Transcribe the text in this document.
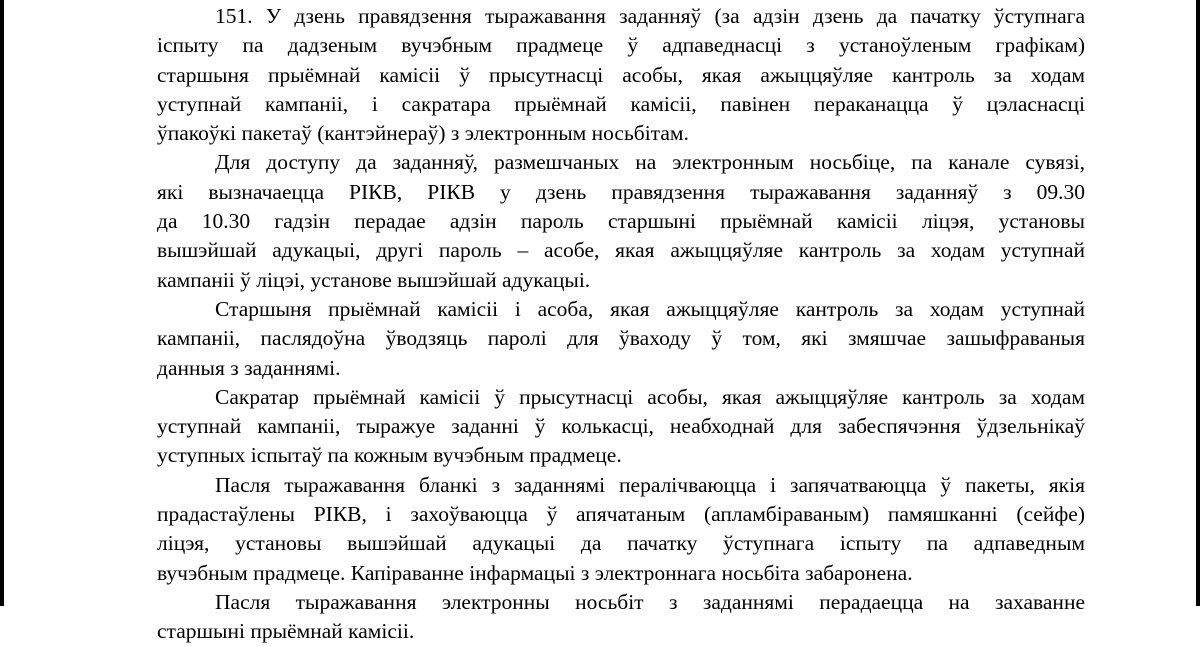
151. У дзень правядзення тыражавання заданняў (за адзін дзень да пачатку ўступнага
іспыту па дадзеным вучэбным прадмеце ў адпаведнасці з устаноўленым графікам)
старшыня прыёмнай камісіі ў прысутнасці асобы, якая ажыццяўляе кантроль за ходам
уступнай кампаніі, і сакратара прыёмнай камісіі, павінен пераканацца ў цэласнасці
ўпакоўкі пакетаў (кантэйнераў) з электронным носьбітам.
Для доступу да заданняў, размешчаных на электронным носьбіце, па канале сувязі,
які вызначаецца РІКВ, РІКВ у дзень правядзення тыражавання заданняў з 09.30
да 10.30 гадзін перадае адзін пароль старшыні прыёмнай камісіі ліцэя, установы
вышэйшай адукацыі, другі пароль – асобе, якая ажыццяўляе кантроль за ходам уступнай
кампаніі ў ліцэі, установе вышэйшай адукацыі.
Старшыня прыёмнай камісіі і асоба, якая ажыццяўляе кантроль за ходам уступнай
кампаніі, паслядоўна ўводзяць паролі для ўваходу ў том, які змяшчае зашыфраваныя
данныя з заданнямі.
Сакратар прыёмнай камісіі ў прысутнасці асобы, якая ажыццяўляе кантроль за ходам
уступнай кампаніі, тыражуе заданні ў колькасці, неабходнай для забеспячэння ўдзельнікаў
уступных іспытаў па кожным вучэбным прадмеце.
Пасля тыражавання бланкі з заданнямі пералічваюцца і запячатваюцца ў пакеты, якія
прадастаўлены РІКВ, і захоўваюцца ў апячатаным (апламбіраваным) памяшканні (сейфе)
ліцэя, установы вышэйшай адукацыі да пачатку ўступнага іспыту па адпаведным
вучэбным прадмеце. Капіраванне інфармацыі з электроннага носьбіта забаронена.
Пасля тыражавання электронны носьбіт з заданнямі перадаецца на захаванне
старшыні прыёмнай камісіі.
